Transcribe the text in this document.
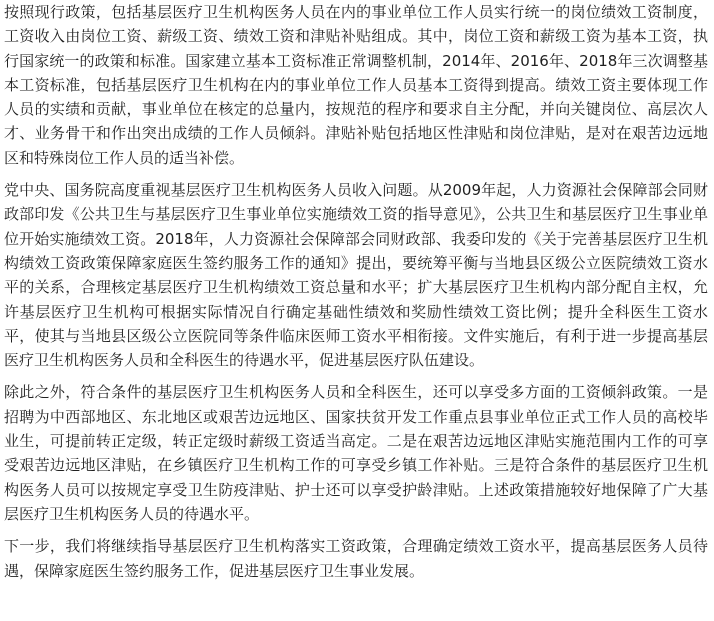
按照现行政策，包括基层医疗卫生机构医务人员在内的事业单位工作人员实行统一的岗位绩效工资制度，工资收入由岗位工资、薪级工资、绩效工资和津贴补贴组成。其中，岗位工资和薪级工资为基本工资，执行国家统一的政策和标准。国家建立基本工资标准正常调整机制，2014年、2016年、2018年三次调整基本工资标准，包括基层医疗卫生机构在内的事业单位工作人员基本工资得到提高。绩效工资主要体现工作人员的实绩和贡献，事业单位在核定的总量内，按规范的程序和要求自主分配，并向关键岗位、高层次人才、业务骨干和作出突出成绩的工作人员倾斜。津贴补贴包括地区性津贴和岗位津贴，是对在艰苦边远地区和特殊岗位工作人员的适当补偿。

党中央、国务院高度重视基层医疗卫生机构医务人员收入问题。从2009年起，人力资源社会保障部会同财政部印发《公共卫生与基层医疗卫生事业单位实施绩效工资的指导意见》，公共卫生和基层医疗卫生事业单位开始实施绩效工资。2018年，人力资源社会保障部会同财政部、我委印发的《关于完善基层医疗卫生机构绩效工资政策保障家庭医生签约服务工作的通知》提出，要统筹平衡与当地县区级公立医院绩效工资水平的关系，合理核定基层医疗卫生机构绩效工资总量和水平；扩大基层医疗卫生机构内部分配自主权，允许基层医疗卫生机构可根据实际情况自行确定基础性绩效和奖励性绩效工资比例；提升全科医生工资水平，使其与当地县区级公立医院同等条件临床医师工资水平相衔接。文件实施后，有利于进一步提高基层医疗卫生机构医务人员和全科医生的待遇水平，促进基层医疗队伍建设。

除此之外，符合条件的基层医疗卫生机构医务人员和全科医生，还可以享受多方面的工资倾斜政策。一是招聘为中西部地区、东北地区或艰苦边远地区、国家扶贫开发工作重点县事业单位正式工作人员的高校毕业生，可提前转正定级，转正定级时薪级工资适当高定。二是在艰苦边远地区津贴实施范围内工作的可享受艰苦边远地区津贴，在乡镇医疗卫生机构工作的可享受乡镇工作补贴。三是符合条件的基层医疗卫生机构医务人员可以按规定享受卫生防疫津贴、护士还可以享受护龄津贴。上述政策措施较好地保障了广大基层医疗卫生机构医务人员的待遇水平。

下一步，我们将继续指导基层医疗卫生机构落实工资政策，合理确定绩效工资水平，提高基层医务人员待遇，保障家庭医生签约服务工作，促进基层医疗卫生事业发展。
